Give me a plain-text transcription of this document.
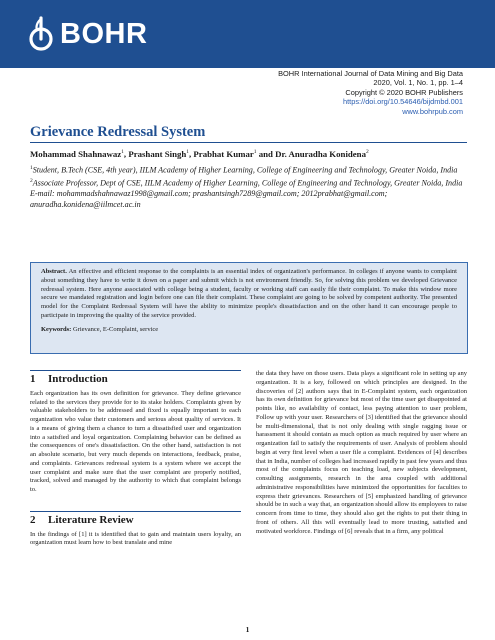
BOHR
BOHR International Journal of Data Mining and Big Data
2020, Vol. 1, No. 1, pp. 1–4
Copyright © 2020 BOHR Publishers
https://doi.org/10.54646/bijdmbd.001
www.bohrpub.com
Grievance Redressal System
Mohammad Shahnawaz$^1$, Prashant Singh$^1$, Prabhat Kumar$^1$ and Dr. Anuradha Konidena$^2$
$^1$Student, B.Tech (CSE, 4th year), IILM Academy of Higher Learning, College of Engineering and Technology, Greater Noida, India
$^2$Associate Professor, Dept of CSE, IILM Academy of Higher Learning, College of Engineering and Technology, Greater Noida, India
E-mail: mohammadshahnawaz1998@gmail.com; prashantsingh7289@gmail.com; 2012prabhat@gmail.com; anuradha.konidena@iilmcet.ac.in

Abstract. An effective and efficient response to the complaints is an essential index of organization's performance. In colleges if anyone wants to complaint about something they have to write it down on a paper and submit which is not environment friendly. So, for solving this problem we developed Grievance redressal system. Here anyone associated with college being a student, faculty or working staff can easily file their complaint. To make this window more secure we mandated registration and login before one can file their complaint. These complaint are going to be solved by competent authority. The presented model for the Complaint Redressal System will have the ability to minimize people's dissatisfaction and on the other hand it can encourage people to participate in improving the quality of the service provided.

Keywords: Grievance, E-Complaint, service

1 Introduction

Each organization has its own definition for grievance. They define grievance related to the services they provide for to its stake holders. Complaints given by valuable stakeholders to be addressed and fixed is equally important to each organization who value their customers and serious about quality of services. It is a means of giving them a chance to turn a dissatisfied user and organization into a satisfied and loyal organization. Complaining behavior can be defined as the consequences of one's dissatisfaction. On the other hand, satisfaction is not an absolute scenario, but very much depends on interactions, feedback, praise, and complaints. Grievances redressal system is a system where we accept the user complaint and make sure that the user complaint are properly notified, tracked, solved and managed by the authority to which that complaint belongs to.

2 Literature Review

In the findings of [1] it is identified that to gain and maintain users loyalty, an organization must learn how to best translate and mine

the data they have on those users. Data plays a significant role in setting up any organization. It is a key, followed on which principles are designed. In the discoveries of [2] authors says that in E-Complaint system, each organization has its own definition for grievance but most of the time user get disappointed at points like, no availability of contact, less paying attention to user problem, Follow up with your user. Researchers of [3] identified that the grievance should be multi-dimensional, that is not only dealing with single ragging issue or harassment it should contain as much option as much required by user where an organization fail to satisfy the requirements of user. Analysis of problem should begin at very first level when a user file a complaint. Evidences of [4] describes that in India, number of colleges had increased rapidly in past few years and thus most of the complaints focus on teaching load, new subjects development, consulting assignments, research in the area coupled with additional administrative responsibilities have minimized the opportunities for faculties to express their grievances. Researchers of [5] emphasized handling of grievance should be in such a way that, an organization should allow its employees to raise concern from time to time, they should also get the rights to put their thing in front of others. All this will eventually lead to more trusting, satisfied and motivated workforce. Findings of [6] reveals that in a firm, any political

1
